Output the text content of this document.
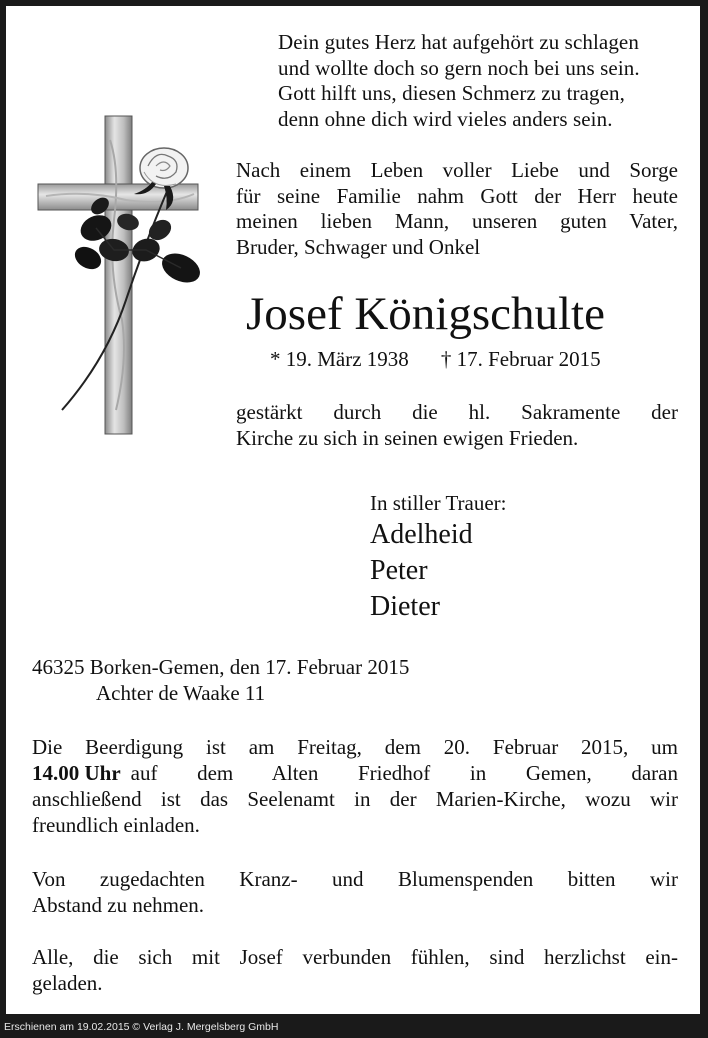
Dein gutes Herz hat aufgehört zu schlagen
und wollte doch so gern noch bei uns sein.
Gott hilft uns, diesen Schmerz zu tragen,
denn ohne dich wird vieles anders sein.
Nach einem Leben voller Liebe und Sorge
für seine Familie nahm Gott der Herr heute
meinen lieben Mann, unseren guten Vater,
Bruder, Schwager und Onkel
Josef Königschulte
* 19. März 1938 † 17. Februar 2015
gestärkt durch die hl. Sakramente der
Kirche zu sich in seinen ewigen Frieden.
In stiller Trauer:
Adelheid
Peter
Dieter
46325 Borken-Gemen, den 17. Februar 2015
Achter de Waake 11
Die Beerdigung ist am Freitag, dem 20. Februar 2015, um
14.00 Uhr auf dem Alten Friedhof in Gemen, daran
anschließend ist das Seelenamt in der Marien-Kirche, wozu wir
freundlich einladen.
Von zugedachten Kranz- und Blumenspenden bitten wir
Abstand zu nehmen.
Alle, die sich mit Josef verbunden fühlen, sind herzlichst ein-
geladen.
Erschienen am 19.02.2015 © Verlag J. Mergelsberg GmbH
